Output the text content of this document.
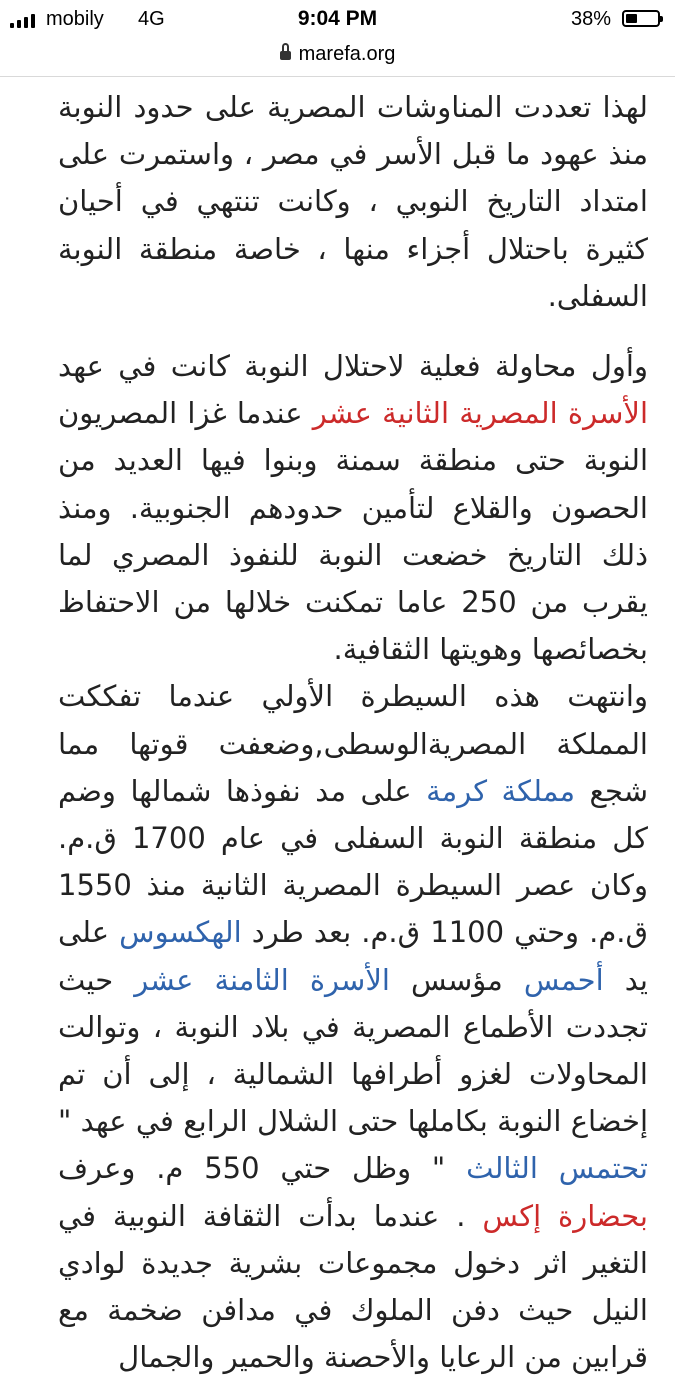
mobily 4G	9:04 PM	38%
marefa.org

لهذا تعددت المناوشات المصرية على حدود النوبة منذ عهود ما قبل الأسر في مصر ، واستمرت على امتداد التاريخ النوبي ، وكانت تنتهي في أحيان كثيرة باحتلال أجزاء منها ، خاصة منطقة النوبة السفلى.

وأول محاولة فعلية لاحتلال النوبة كانت في عهد الأسرة المصرية الثانية عشر عندما غزا المصريون النوبة حتى منطقة سمنة وبنوا فيها العديد من الحصون والقلاع لتأمين حدودهم الجنوبية. ومنذ ذلك التاريخ خضعت النوبة للنفوذ المصري لما يقرب من 250 عاما تمكنت خلالها من الاحتفاظ بخصائصها وهويتها الثقافية.

وانتهت هذه السيطرة الأولي عندما تفككت المملكة المصريةالوسطى,وضعفت قوتها مما شجع مملكة كرمة على مد نفوذها شمالها وضم كل منطقة النوبة السفلى في عام 1700 ق.م. وكان عصر السيطرة المصرية الثانية منذ 1550 ق.م. وحتي 1100 ق.م. بعد طرد الهكسوس على يد أحمس مؤسس الأسرة الثامنة عشر حيث تجددت الأطماع المصرية في بلاد النوبة ، وتوالت المحاولات لغزو أطرافها الشمالية ، إلى أن تم إخضاع النوبة بكاملها حتى الشلال الرابع في عهد " تحتمس الثالث " وظل حتي 550 م. وعرف بحضارة إكس . عندما بدأت الثقافة النوبية في التغير اثر دخول مجموعات بشرية جديدة لوادي النيل حيث دفن الملوك في مدافن ضخمة مع قرابين من الرعايا والأحصنة والحمير والجمال
